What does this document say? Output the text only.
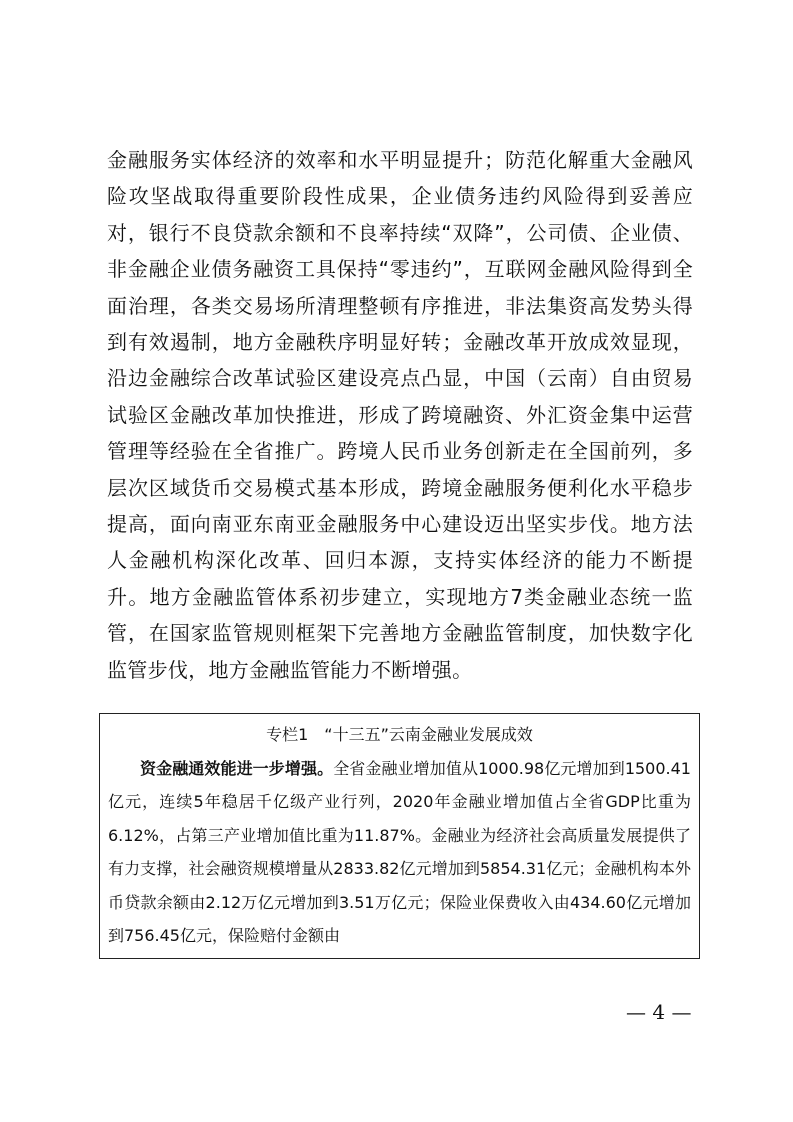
金融服务实体经济的效率和水平明显提升；防范化解重大金融风险攻坚战取得重要阶段性成果，企业债务违约风险得到妥善应对，银行不良贷款余额和不良率持续“双降”，公司债、企业债、非金融企业债务融资工具保持“零违约”，互联网金融风险得到全面治理，各类交易场所清理整顿有序推进，非法集资高发势头得到有效遏制，地方金融秩序明显好转；金融改革开放成效显现，沿边金融综合改革试验区建设亮点凸显，中国（云南）自由贸易试验区金融改革加快推进，形成了跨境融资、外汇资金集中运营管理等经验在全省推广。跨境人民币业务创新走在全国前列，多层次区域货币交易模式基本形成，跨境金融服务便利化水平稳步提高，面向南亚东南亚金融服务中心建设迈出坚实步伐。地方法人金融机构深化改革、回归本源，支持实体经济的能力不断提升。地方金融监管体系初步建立，实现地方7类金融业态统一监管，在国家监管规则框架下完善地方金融监管制度，加快数字化监管步伐，地方金融监管能力不断增强。

专栏1　“十三五”云南金融业发展成效

资金融通效能进一步增强。全省金融业增加值从1000.98亿元增加到1500.41亿元，连续5年稳居千亿级产业行列，2020年金融业增加值占全省GDP比重为6.12%，占第三产业增加值比重为11.87%。金融业为经济社会高质量发展提供了有力支撑，社会融资规模增量从2833.82亿元增加到5854.31亿元；金融机构本外币贷款余额由2.12万亿元增加到3.51万亿元；保险业保费收入由434.60亿元增加到756.45亿元，保险赔付金额由

— 4 —
